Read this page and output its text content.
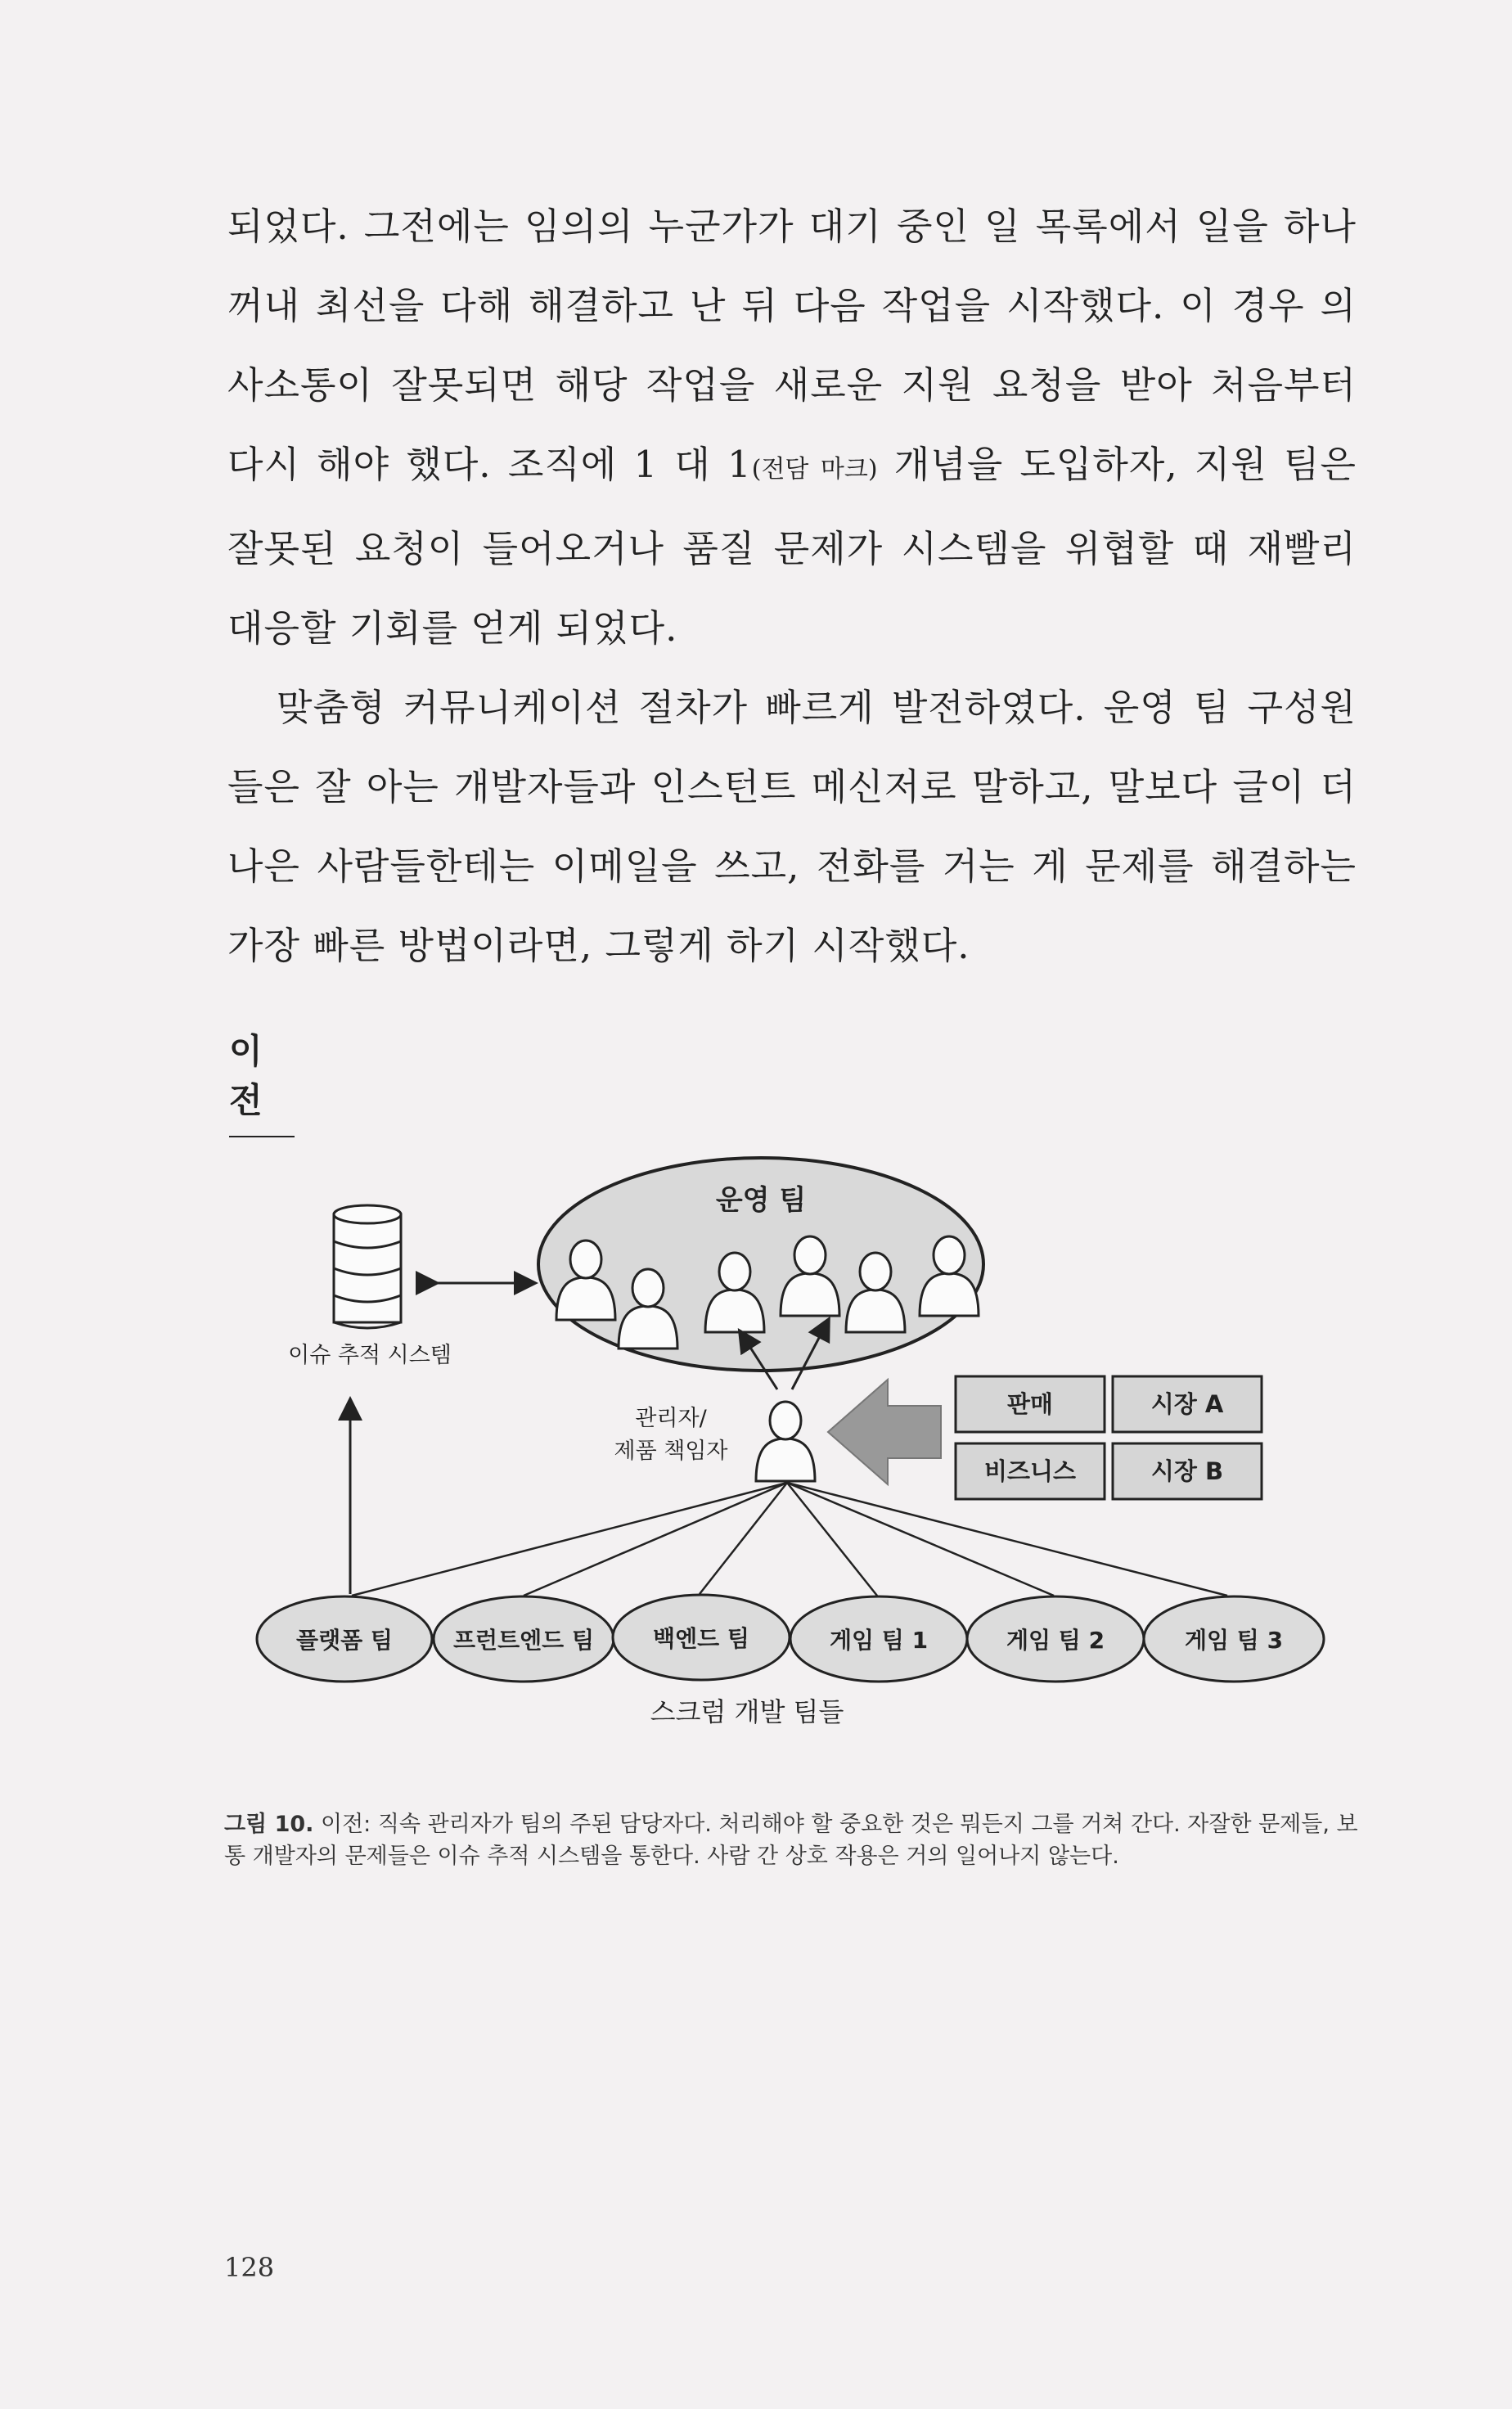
되었다. 그전에는 임의의 누군가가 대기 중인 일 목록에서 일을 하나 꺼내 최선을 다해 해결하고 난 뒤 다음 작업을 시작했다. 이 경우 의사소통이 잘못되면 해당 작업을 새로운 지원 요청을 받아 처음부터 다시 해야 했다. 조직에 1 대 1(전담 마크) 개념을 도입하자, 지원 팀은 잘못된 요청이 들어오거나 품질 문제가 시스템을 위협할 때 재빨리 대응할 기회를 얻게 되었다.

맞춤형 커뮤니케이션 절차가 빠르게 발전하였다. 운영 팀 구성원들은 잘 아는 개발자들과 인스턴트 메신저로 말하고, 말보다 글이 더 나은 사람들한테는 이메일을 쓰고, 전화를 거는 게 문제를 해결하는 가장 빠른 방법이라면, 그렇게 하기 시작했다.

이전
운영 팀
이슈 추적 시스템
관리자/
제품 책임자
판매	시장 A
비즈니스	시장 B
플랫폼 팀	프런트엔드 팀	백엔드 팀	게임 팀 1	게임 팀 2	게임 팀 3
스크럼 개발 팀들
그림 10. 이전: 직속 관리자가 팀의 주된 담당자다. 처리해야 할 중요한 것은 뭐든지 그를 거쳐 간다. 자잘한 문제들, 보통 개발자의 문제들은 이슈 추적 시스템을 통한다. 사람 간 상호 작용은 거의 일어나지 않는다.
128
